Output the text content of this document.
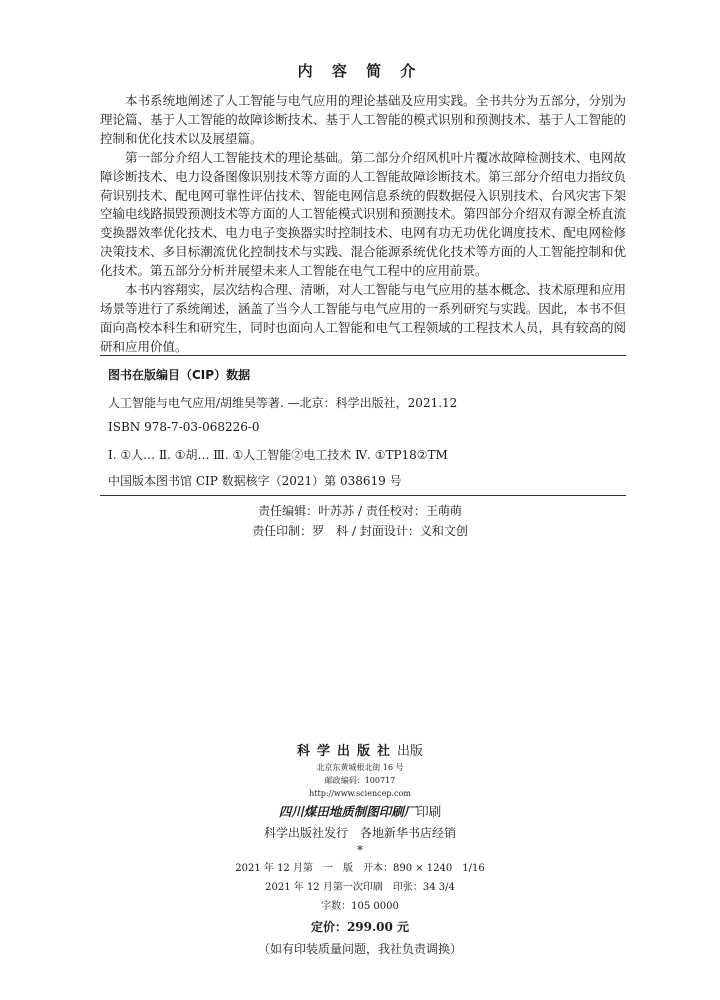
内 容 简 介

本书系统地阐述了人工智能与电气应用的理论基础及应用实践。全书共分为五部分，分别为理论篇、基于人工智能的故障诊断技术、基于人工智能的模式识别和预测技术、基于人工智能的控制和优化技术以及展望篇。

第一部分介绍人工智能技术的理论基础。第二部分介绍风机叶片覆冰故障检测技术、电网故障诊断技术、电力设备图像识别技术等方面的人工智能故障诊断技术。第三部分介绍电力指纹负荷识别技术、配电网可靠性评估技术、智能电网信息系统的假数据侵入识别技术、台风灾害下架空输电线路损毁预测技术等方面的人工智能模式识别和预测技术。第四部分介绍双有源全桥直流变换器效率优化技术、电力电子变换器实时控制技术、电网有功无功优化调度技术、配电网检修决策技术、多目标潮流优化控制技术与实践、混合能源系统优化技术等方面的人工智能控制和优化技术。第五部分分析并展望未来人工智能在电气工程中的应用前景。

本书内容翔实，层次结构合理、清晰，对人工智能与电气应用的基本概念、技术原理和应用场景等进行了系统阐述，涵盖了当今人工智能与电气应用的一系列研究与实践。因此，本书不但面向高校本科生和研究生，同时也面向人工智能和电气工程领域的工程技术人员，具有较高的阅研和应用价值。

图书在版编目（CIP）数据
人工智能与电气应用/胡维昊等著. —北京：科学出版社，2021.12
ISBN 978-7-03-068226-0
Ⅰ. ①人… Ⅱ. ①胡… Ⅲ. ①人工智能②电工技术 Ⅳ. ①TP18②TM
中国版本图书馆 CIP 数据核字（2021）第 038619 号
责任编辑：叶苏苏 / 责任校对：王萌萌
责任印制：罗　科 / 封面设计：义和文创
科学出版社出版
北京东黄城根北街 16 号
邮政编码：100717
http://www.sciencep.com
四川煤田地质制图印刷厂印刷
科学出版社发行　各地新华书店经销
*
2021 年 12 月第　一　版　开本：890 × 1240　1/16
2021 年 12 月第一次印刷　印张：34 3/4
字数：105 0000
定价：299.00 元
（如有印装质量问题，我社负责调换）
